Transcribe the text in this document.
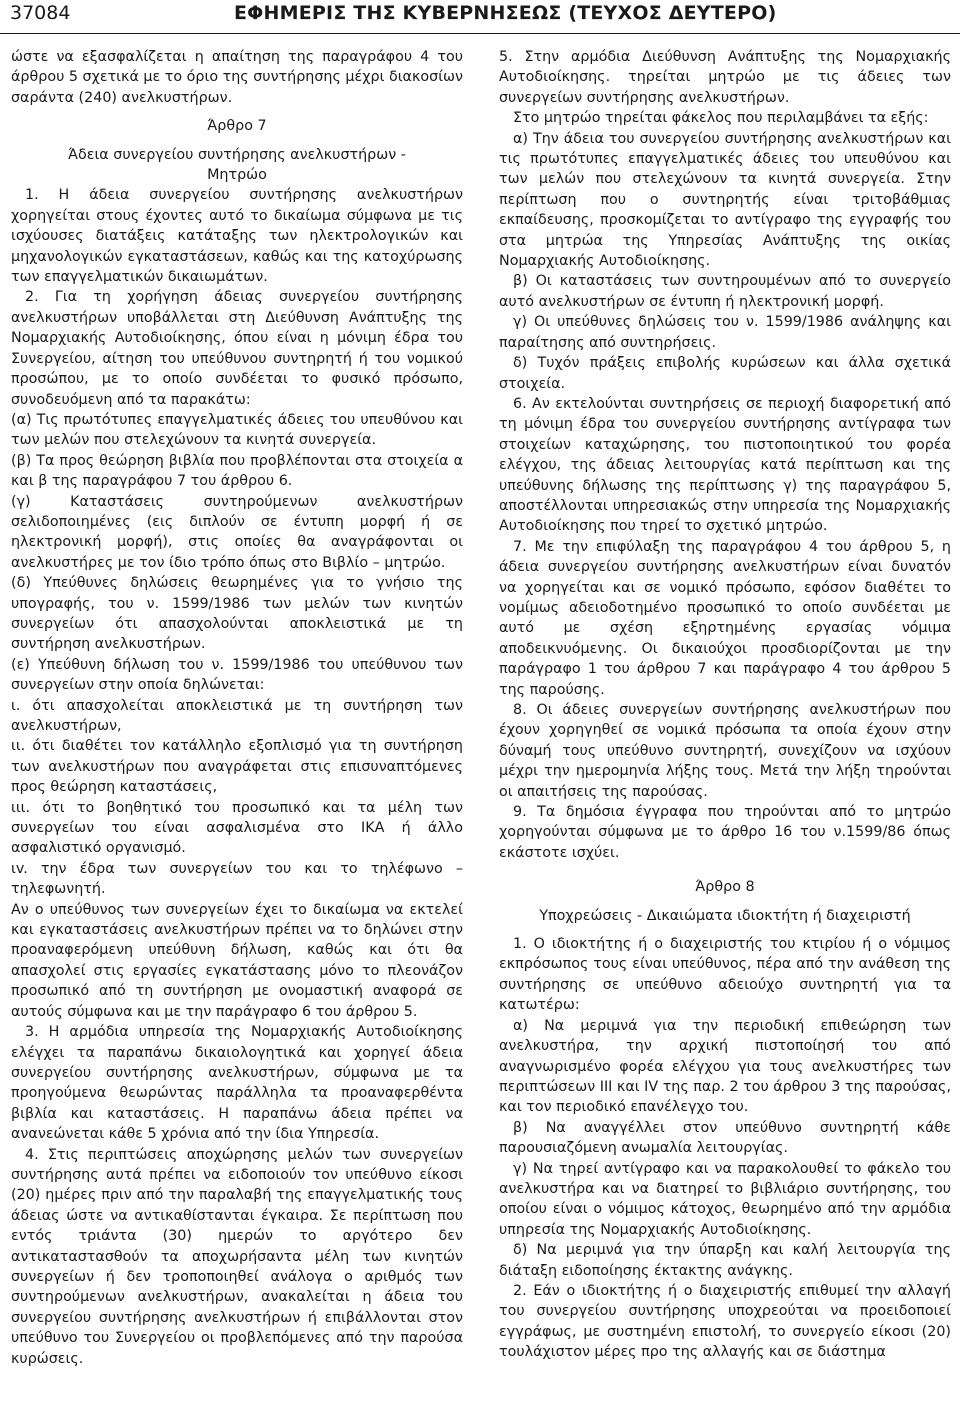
37084	ΕΦΗΜΕΡΙΣ ΤΗΣ ΚΥΒΕΡΝΗΣΕΩΣ (ΤΕΥΧΟΣ ΔΕΥΤΕΡΟ)

ώστε να εξασφαλίζεται η απαίτηση της παραγράφου 4 του άρθρου 5 σχετικά με το όριο της συντήρησης μέχρι διακοσίων σαράντα (240) ανελκυστήρων.

Άρθρο 7

Άδεια συνεργείου συντήρησης ανελκυστήρων -

Μητρώο

1. Η άδεια συνεργείου συντήρησης ανελκυστήρων χορηγείται στους έχοντες αυτό το δικαίωμα σύμφωνα με τις ισχύουσες διατάξεις κατάταξης των ηλεκτρολογικών και μηχανολογικών εγκαταστάσεων, καθώς και της κατοχύρωσης των επαγγελματικών δικαιωμάτων.

2. Για τη χορήγηση άδειας συνεργείου συντήρησης ανελκυστήρων υποβάλλεται στη Διεύθυνση Ανάπτυξης της Νομαρχιακής Αυτοδιοίκησης, όπου είναι η μόνιμη έδρα του Συνεργείου, αίτηση του υπεύθυνου συντηρητή ή του νομικού προσώπου, με το οποίο συνδέεται το φυσικό πρόσωπο, συνοδευόμενη από τα παρακάτω:

(α) Τις πρωτότυπες επαγγελματικές άδειες του υπευθύνου και των μελών που στελεχώνουν τα κινητά συνεργεία.

(β) Τα προς θεώρηση βιβλία που προβλέπονται στα στοιχεία α και β της παραγράφου 7 του άρθρου 6.

(γ) Καταστάσεις συντηρούμενων ανελκυστήρων σελιδοποιημένες (εις διπλούν σε έντυπη μορφή ή σε ηλεκτρονική μορφή), στις οποίες θα αναγράφονται οι ανελκυστήρες με τον ίδιο τρόπο όπως στο Βιβλίο – μητρώο.

(δ) Υπεύθυνες δηλώσεις θεωρημένες για το γνήσιο της υπογραφής, του ν. 1599/1986 των μελών των κινητών συνεργείων ότι απασχολούνται αποκλειστικά με τη συντήρηση ανελκυστήρων.

(ε) Υπεύθυνη δήλωση του ν. 1599/1986 του υπεύθυνου των συνεργείων στην οποία δηλώνεται:

ι. ότι απασχολείται αποκλειστικά με τη συντήρηση των ανελκυστήρων,

ιι. ότι διαθέτει τον κατάλληλο εξοπλισμό για τη συντήρηση των ανελκυστήρων που αναγράφεται στις επισυναπτόμενες προς θεώρηση καταστάσεις,

ιιι. ότι το βοηθητικό του προσωπικό και τα μέλη των συνεργείων του είναι ασφαλισμένα στο ΙΚΑ ή άλλο ασφαλιστικό οργανισμό.

ιv. την έδρα των συνεργείων του και το τηλέφωνο – τηλεφωνητή.

Αν ο υπεύθυνος των συνεργείων έχει το δικαίωμα να εκτελεί και εγκαταστάσεις ανελκυστήρων πρέπει να το δηλώνει στην προαναφερόμενη υπεύθυνη δήλωση, καθώς και ότι θα απασχολεί στις εργασίες εγκατάστασης μόνο το πλεονάζον προσωπικό από τη συντήρηση με ονομαστική αναφορά σε αυτούς σύμφωνα και με την παράγραφο 6 του άρθρου 5.

3. Η αρμόδια υπηρεσία της Νομαρχιακής Αυτοδιοίκησης ελέγχει τα παραπάνω δικαιολογητικά και χορηγεί άδεια συνεργείου συντήρησης ανελκυστήρων, σύμφωνα με τα προηγούμενα θεωρώντας παράλληλα τα προαναφερθέντα βιβλία και καταστάσεις. Η παραπάνω άδεια πρέπει να ανανεώνεται κάθε 5 χρόνια από την ίδια Υπηρεσία.

4. Στις περιπτώσεις αποχώρησης μελών των συνεργείων συντήρησης αυτά πρέπει να ειδοποιούν τον υπεύθυνο είκοσι (20) ημέρες πριν από την παραλαβή της επαγγελματικής τους άδειας ώστε να αντικαθίστανται έγκαιρα. Σε περίπτωση που εντός τριάντα (30) ημερών το αργότερο δεν αντικαταστασθούν τα αποχωρήσαντα μέλη των κινητών συνεργείων ή δεν τροποποιηθεί ανάλογα ο αριθμός των συντηρούμενων ανελκυστήρων, ανακαλείται η άδεια του συνεργείου συντήρησης ανελκυστήρων ή επιβάλλονται στον υπεύθυνο του Συνεργείου οι προβλεπόμενες από την παρούσα κυρώσεις.

5. Στην αρμόδια Διεύθυνση Ανάπτυξης της Νομαρχιακής Αυτοδιοίκησης. τηρείται μητρώο με τις άδειες των συνεργείων συντήρησης ανελκυστήρων.

Στο μητρώο τηρείται φάκελος που περιλαμβάνει τα εξής:

α) Την άδεια του συνεργείου συντήρησης ανελκυστήρων και τις πρωτότυπες επαγγελματικές άδειες του υπευθύνου και των μελών που στελεχώνουν τα κινητά συνεργεία. Στην περίπτωση που ο συντηρητής είναι τριτοβάθμιας εκπαίδευσης, προσκομίζεται το αντίγραφο της εγγραφής του στα μητρώα της Υπηρεσίας Ανάπτυξης της οικίας Νομαρχιακής Αυτοδιοίκησης.

β) Οι καταστάσεις των συντηρουμένων από το συνεργείο αυτό ανελκυστήρων σε έντυπη ή ηλεκτρονική μορφή.

γ) Οι υπεύθυνες δηλώσεις του ν. 1599/1986 ανάληψης και παραίτησης από συντηρήσεις.

δ) Τυχόν πράξεις επιβολής κυρώσεων και άλλα σχετικά στοιχεία.

6. Αν εκτελούνται συντηρήσεις σε περιοχή διαφορετική από τη μόνιμη έδρα του συνεργείου συντήρησης αντίγραφα των στοιχείων καταχώρησης, του πιστοποιητικού του φορέα ελέγχου, της άδειας λειτουργίας κατά περίπτωση και της υπεύθυνης δήλωσης της περίπτωσης γ) της παραγράφου 5, αποστέλλονται υπηρεσιακώς στην υπηρεσία της Νομαρχιακής Αυτοδιοίκησης που τηρεί το σχετικό μητρώο.

7. Με την επιφύλαξη της παραγράφου 4 του άρθρου 5, η άδεια συνεργείου συντήρησης ανελκυστήρων είναι δυνατόν να χορηγείται και σε νομικό πρόσωπο, εφόσον διαθέτει το νομίμως αδειοδοτημένο προσωπικό το οποίο συνδέεται με αυτό με σχέση εξηρτημένης εργασίας νόμιμα αποδεικνυόμενης. Οι δικαιούχοι προσδιορίζονται με την παράγραφο 1 του άρθρου 7 και παράγραφο 4 του άρθρου 5 της παρούσης.

8. Οι άδειες συνεργείων συντήρησης ανελκυστήρων που έχουν χορηγηθεί σε νομικά πρόσωπα τα οποία έχουν στην δύναμή τους υπεύθυνο συντηρητή, συνεχίζουν να ισχύουν μέχρι την ημερομηνία λήξης τους. Μετά την λήξη τηρούνται οι απαιτήσεις της παρούσας.

9. Τα δημόσια έγγραφα που τηρούνται από το μητρώο χορηγούνται σύμφωνα με το άρθρο 16 του ν.1599/86 όπως εκάστοτε ισχύει.

Άρθρο 8

Υποχρεώσεις - Δικαιώματα ιδιοκτήτη ή διαχειριστή

1. Ο ιδιοκτήτης ή ο διαχειριστής του κτιρίου ή ο νόμιμος εκπρόσωπος τους είναι υπεύθυνος, πέρα από την ανάθεση της συντήρησης σε υπεύθυνο αδειούχο συντηρητή για τα κατωτέρω:

α) Να μεριμνά για την περιοδική επιθεώρηση των ανελκυστήρα, την αρχική πιστοποίησή του από αναγνωρισμένο φορέα ελέγχου για τους ανελκυστήρες των περιπτώσεων ΙΙΙ και ΙV της παρ. 2 του άρθρου 3 της παρούσας, και τον περιοδικό επανέλεγχο του.

β) Να αναγγέλλει στον υπεύθυνο συντηρητή κάθε παρουσιαζόμενη ανωμαλία λειτουργίας.

γ) Να τηρεί αντίγραφο και να παρακολουθεί το φάκελο του ανελκυστήρα και να διατηρεί το βιβλιάριο συντήρησης, του οποίου είναι ο νόμιμος κάτοχος, θεωρημένο από την αρμόδια υπηρεσία της Νομαρχιακής Αυτοδιοίκησης.

δ) Να μεριμνά για την ύπαρξη και καλή λειτουργία της διάταξη ειδοποίησης έκτακτης ανάγκης.

2. Εάν ο ιδιοκτήτης ή ο διαχειριστής επιθυμεί την αλλαγή του συνεργείου συντήρησης υποχρεούται να προειδοποιεί εγγράφως, με συστημένη επιστολή, το συνεργείο είκοσι (20) τουλάχιστον μέρες προ της αλλαγής και σε διάστημα
